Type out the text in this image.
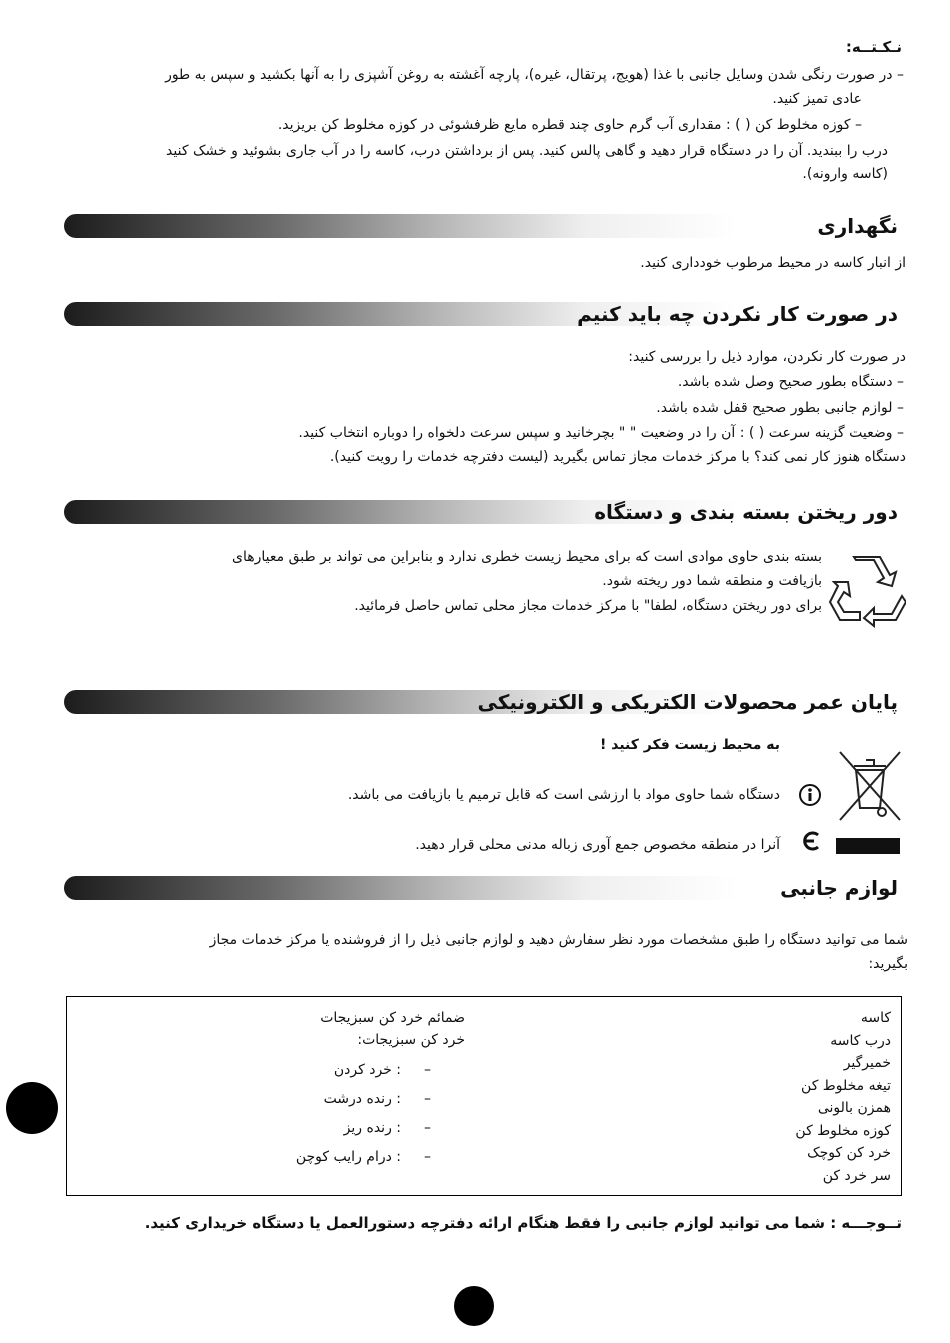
نـکـتــه:
– در صورت رنگی شدن وسایل جانبی با غذا (هویج، پرتقال، غیره)، پارچه آغشته به روغن آشپزی را به آنها بکشید و سپس به طور
عادی تمیز کنید.
– کوزه مخلوط کن ( ) : مقداری آب گرم حاوی چند قطره مایع ظرفشوئی در کوزه مخلوط کن بریزید.
درب را ببندید. آن را در دستگاه قرار دهید و گاهی پالس کنید. پس از برداشتن درب، کاسه را در آب جاری بشوئید و خشک کنید
(کاسه وارونه).
نگهداری
از انبار کاسه در محیط مرطوب خودداری کنید.
در صورت کار نکردن چه باید کنیم
در صورت کار نکردن، موارد ذیل را بررسی کنید:
– دستگاه بطور صحیح وصل شده باشد.
– لوازم جانبی بطور صحیح قفل شده باشد.
– وضعیت گزینه سرعت ( ) : آن را در وضعیت " " بچرخانید و سپس سرعت دلخواه را دوباره انتخاب کنید.
دستگاه هنوز کار نمی کند؟ با مرکز خدمات مجاز تماس بگیرید (لیست دفترچه خدمات را رویت کنید).
دور ریختن بسته بندی و دستگاه
بسته بندی حاوی موادی است که برای محیط زیست خطری ندارد و بنابراین می تواند بر طبق معیارهای
بازیافت و منطقه شما دور ریخته شود.
برای دور ریختن دستگاه، لطفا" با مرکز خدمات مجاز محلی تماس حاصل فرمائید.
پایان عمر محصولات الکتریکی و الکترونیکی
به محیط زیست فکر کنید !
دستگاه شما حاوی مواد با ارزشی است که قابل ترمیم یا بازیافت می باشد.
آنرا در منطقه مخصوص جمع آوری زباله مدنی محلی قرار دهید.
لوازم جانبی
شما می توانید دستگاه را طبق مشخصات مورد نظر سفارش دهید و لوازم جانبی ذیل را از فروشنده یا مرکز خدمات مجاز
بگیرید:
کاسه
درب کاسه
خمیرگیر
تیغه مخلوط کن
همزن بالونی
کوزه مخلوط کن
خرد کن کوچک
سر خرد کن
ضمائم خرد کن سبزیجات
خرد کن سبزیجات:
–
: خرد کردن
–
: رنده درشت
–
: رنده ریز
–
: درام رایب کوچن
تــوجـــه : شما می توانید لوازم جانبی را فقط هنگام ارائه دفترچه دستورالعمل یا دستگاه خریداری کنید.
